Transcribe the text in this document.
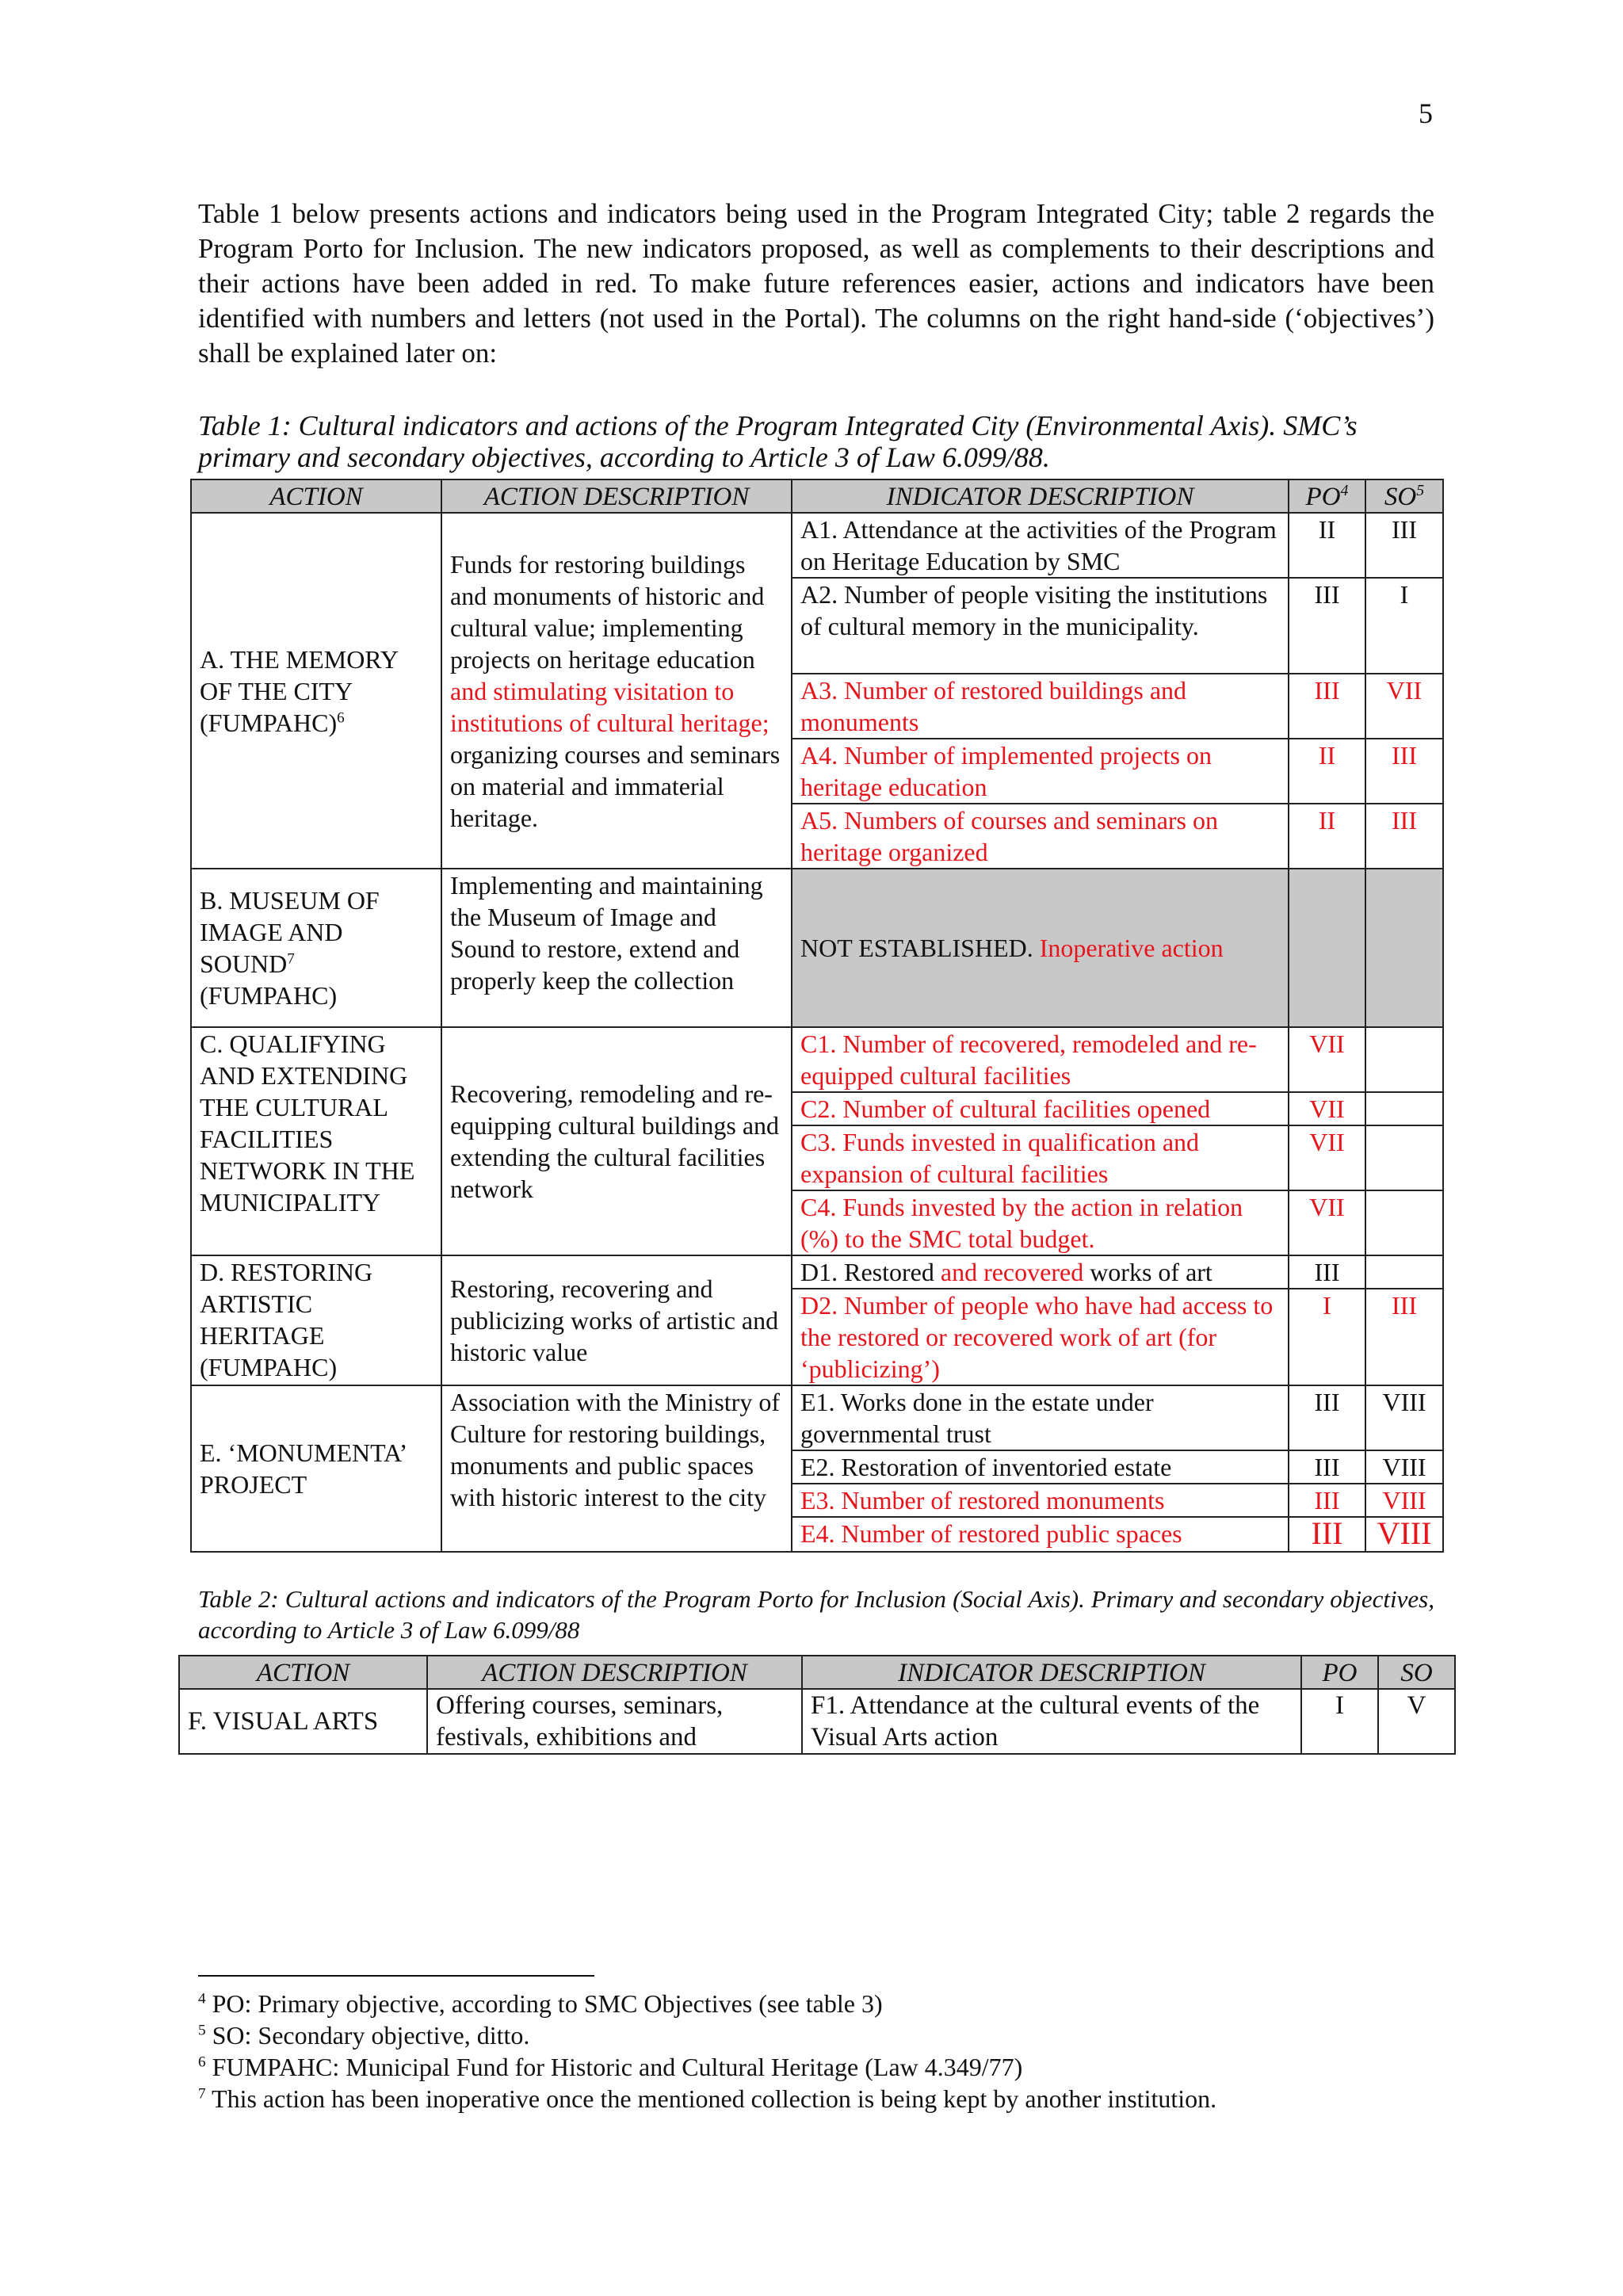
5

Table 1 below presents actions and indicators being used in the Program Integrated City; table 2 regards the Program Porto for Inclusion. The new indicators proposed, as well as complements to their descriptions and their actions have been added in red. To make future references easier, actions and indicators have been identified with numbers and letters (not used in the Portal). The columns on the right hand-side (‘objectives’) shall be explained later on:

Table 1: Cultural indicators and actions of the Program Integrated City (Environmental Axis). SMC’s primary and secondary objectives, according to Article 3 of Law 6.099/88.

ACTION	ACTION DESCRIPTION	INDICATOR DESCRIPTION	$PO^4$	$SO^5$
A. THE MEMORY OF THE CITY (FUMPAHC)$^6$	Funds for restoring buildings and monuments of historic and cultural value; implementing projects on heritage education and stimulating visitation to institutions of cultural heritage; organizing courses and seminars on material and immaterial heritage.	A1. Attendance at the activities of the Program on Heritage Education by SMC	II	III
		A2. Number of people visiting the institutions of cultural memory in the municipality.	III	I
		A3. Number of restored buildings and monuments	III	VII
		A4. Number of implemented projects on heritage education	II	III
		A5. Numbers of courses and seminars on heritage organized	II	III
B. MUSEUM OF IMAGE AND SOUND$^7$ (FUMPAHC)	Implementing and maintaining the Museum of Image and Sound to restore, extend and properly keep the collection	NOT ESTABLISHED. Inoperative action		
C. QUALIFYING AND EXTENDING THE CULTURAL FACILITIES NETWORK IN THE MUNICIPALITY	Recovering, remodeling and re-equipping cultural buildings and extending the cultural facilities network	C1. Number of recovered, remodeled and re-equipped cultural facilities	VII	
		C2. Number of cultural facilities opened	VII	
		C3. Funds invested in qualification and expansion of cultural facilities	VII	
		C4. Funds invested by the action in relation (%) to the SMC total budget.	VII	
D. RESTORING ARTISTIC HERITAGE (FUMPAHC)	Restoring, recovering and publicizing works of artistic and historic value	D1. Restored and recovered works of art	III	
		D2. Number of people who have had access to the restored or recovered work of art (for ‘publicizing’)	I	III
E. ‘MONUMENTA’ PROJECT	Association with the Ministry of Culture for restoring buildings, monuments and public spaces with historic interest to the city	E1. Works done in the estate under governmental trust	III	VIII
		E2. Restoration of inventoried estate	III	VIII
		E3. Number of restored monuments	III	VIII
		E4. Number of restored public spaces	III	VIII

Table 2: Cultural actions and indicators of the Program Porto for Inclusion (Social Axis). Primary and secondary objectives, according to Article 3 of Law 6.099/88

ACTION	ACTION DESCRIPTION	INDICATOR DESCRIPTION	PO	SO
F. VISUAL ARTS	Offering courses, seminars, festivals, exhibitions and	F1. Attendance at the cultural events of the Visual Arts action	I	V
$^4$ PO: Primary objective, according to SMC Objectives (see table 3)
$^5$ SO: Secondary objective, ditto.
$^6$ FUMPAHC: Municipal Fund for Historic and Cultural Heritage (Law 4.349/77)
$^7$ This action has been inoperative once the mentioned collection is being kept by another institution.
